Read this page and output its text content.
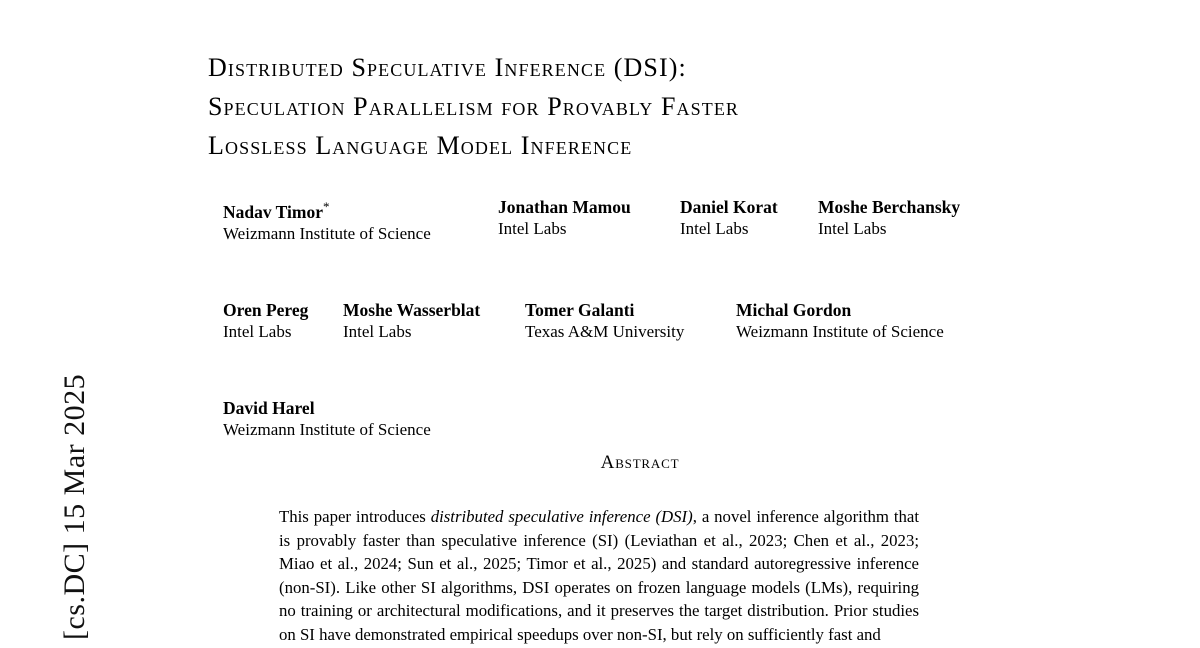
[cs.DC] 15 Mar 2025
Distributed Speculative Inference (DSI):
Speculation Parallelism for Provably Faster
Lossless Language Model Inference
Nadav Timor*
Weizmann Institute of Science
Jonathan Mamou
Intel Labs
Daniel Korat
Intel Labs
Moshe Berchansky
Intel Labs
Oren Pereg
Intel Labs
Moshe Wasserblat
Intel Labs
Tomer Galanti
Texas A&M University
Michal Gordon
Weizmann Institute of Science
David Harel
Weizmann Institute of Science
Abstract
This paper introduces distributed speculative inference (DSI), a novel inference algorithm that is provably faster than speculative inference (SI) (Leviathan et al., 2023; Chen et al., 2023; Miao et al., 2024; Sun et al., 2025; Timor et al., 2025) and standard autoregressive inference (non-SI). Like other SI algorithms, DSI operates on frozen language models (LMs), requiring no training or architectural modifications, and it preserves the target distribution. Prior studies on SI have demonstrated empirical speedups over non-SI, but rely on sufficiently fast and
